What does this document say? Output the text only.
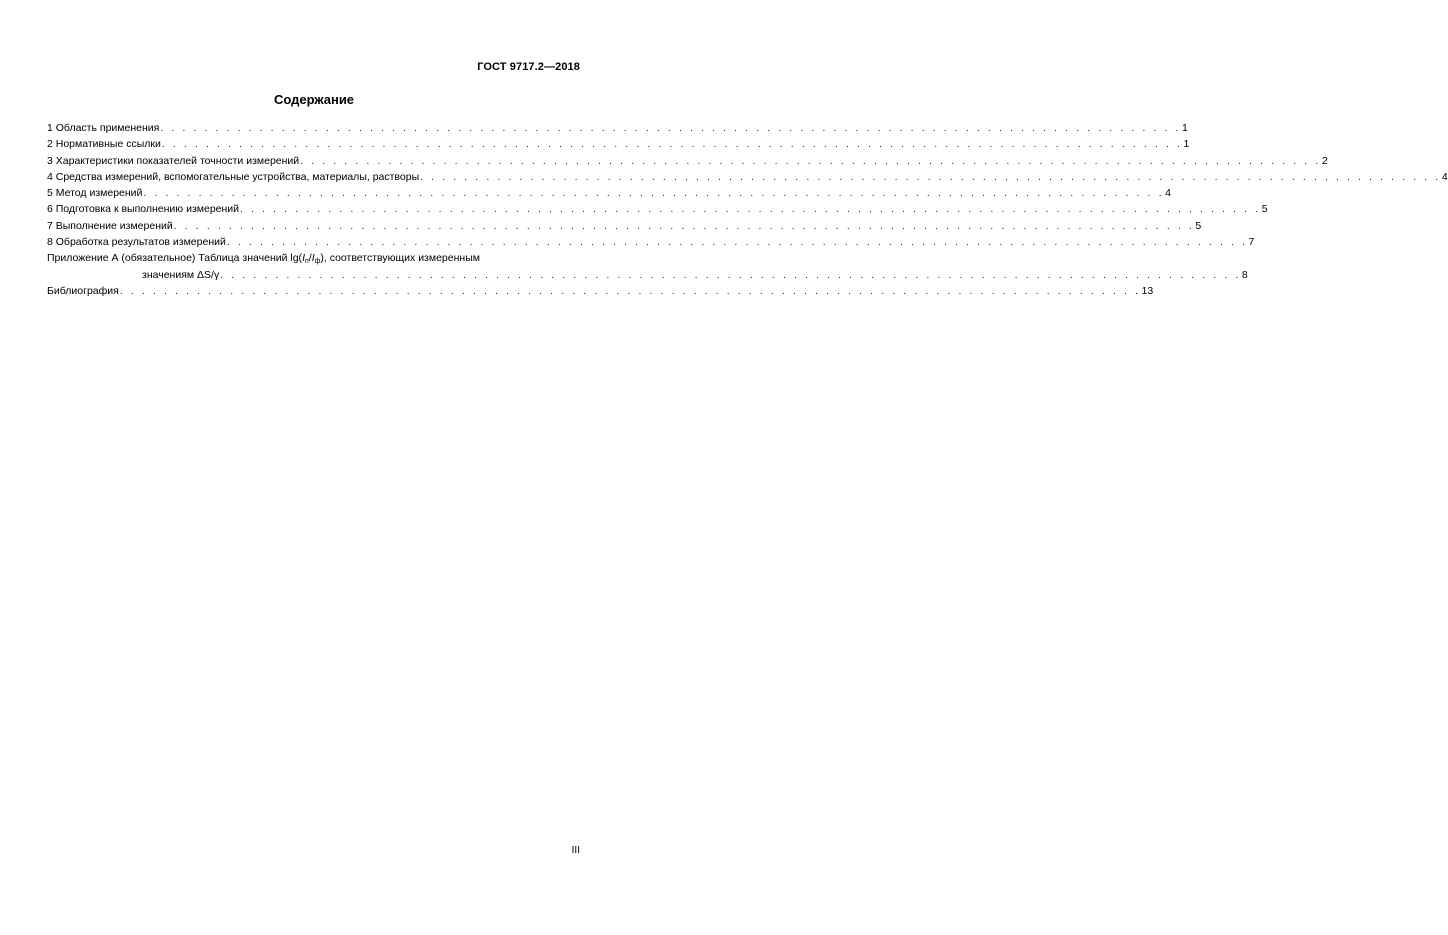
ГОСТ 9717.2—2018
Содержание
1 Область применения . . . . . . . . . . . . . . . . . . . . . . . . . . . . . . . . . . . . . . . . . . . . . . . . . . . . . . . . . . . . . . . . . . . . . . . . . . . . . . . . . . . . . . . . . . . . . 1
2 Нормативные ссылки . . . . . . . . . . . . . . . . . . . . . . . . . . . . . . . . . . . . . . . . . . . . . . . . . . . . . . . . . . . . . . . . . . . . . . . . . . . . . . . . . . . . . . . . . . . . . 1
3 Характеристики показателей точности измерений . . . . . . . . . . . . . . . . . . . . . . . . . . . . . . . . . . . . . . . . . . . . . . . . . . . . . . . . . . . . . . . . . . . . . . . . . . . . . . . . . . . . . . . . . . . . . 2
4 Средства измерений, вспомогательные устройства, материалы, растворы . . . . . . . . . . . . . . . . . . . . . . . . . . . . . . . . . . . . . . . . . . . . . . . . . . . . . . . . . . . . . . . . . . . . . . . . . . . . . . . . . . . . . . . . . . . . . 4
5 Метод измерений . . . . . . . . . . . . . . . . . . . . . . . . . . . . . . . . . . . . . . . . . . . . . . . . . . . . . . . . . . . . . . . . . . . . . . . . . . . . . . . . . . . . . . . . . . . . . 4
6 Подготовка к выполнению измерений . . . . . . . . . . . . . . . . . . . . . . . . . . . . . . . . . . . . . . . . . . . . . . . . . . . . . . . . . . . . . . . . . . . . . . . . . . . . . . . . . . . . . . . . . . . . . 5
7 Выполнение измерений . . . . . . . . . . . . . . . . . . . . . . . . . . . . . . . . . . . . . . . . . . . . . . . . . . . . . . . . . . . . . . . . . . . . . . . . . . . . . . . . . . . . . . . . . . . . . 5
8 Обработка результатов измерений . . . . . . . . . . . . . . . . . . . . . . . . . . . . . . . . . . . . . . . . . . . . . . . . . . . . . . . . . . . . . . . . . . . . . . . . . . . . . . . . . . . . . . . . . . . . . 7
Приложение А (обязательное) Таблица значений $\lg(I_п/I_ф)$, соответствующих измеренным
значениям ΔS/γ . . . . . . . . . . . . . . . . . . . . . . . . . . . . . . . . . . . . . . . . . . . . . . . . . . . . . . . . . . . . . . . . . . . . . . . . . . . . . . . . . . . . . . . . . . . . . 8
Библиография . . . . . . . . . . . . . . . . . . . . . . . . . . . . . . . . . . . . . . . . . . . . . . . . . . . . . . . . . . . . . . . . . . . . . . . . . . . . . . . . . . . . . . . . . . . . . 13
III
